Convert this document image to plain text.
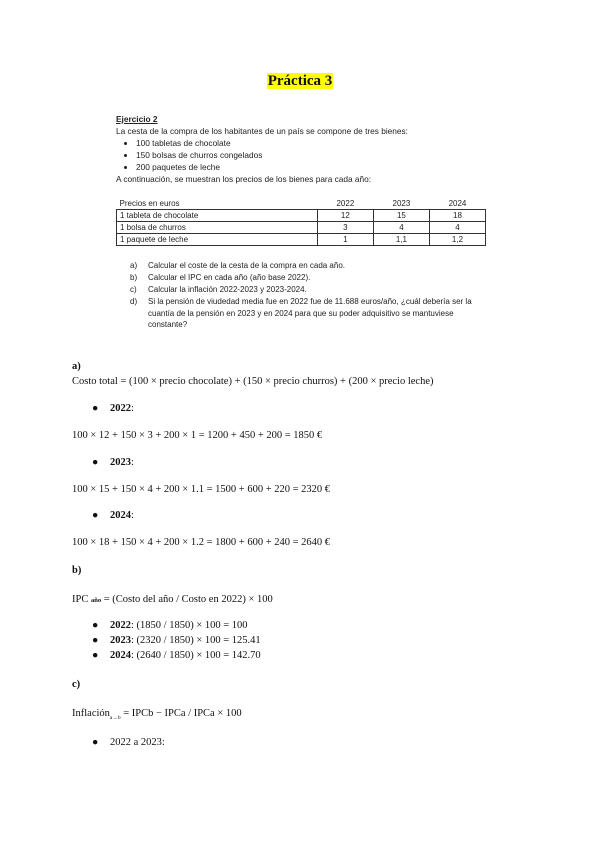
Práctica 3
Ejercicio 2
La cesta de la compra de los habitantes de un país se compone de tres bienes:
• 100 tabletas de chocolate
• 150 bolsas de churros congelados
• 200 paquetes de leche
A continuación, se muestran los precios de los bienes para cada año:
Precios en euros	2022	2023	2024
1 tableta de chocolate	12	15	18
1 bolsa de churros	3	4	4
1 paquete de leche	1	1,1	1,2
a)	Calcular el coste de la cesta de la compra en cada año.
b)	Calcular el IPC en cada año (año base 2022).
c)	Calcular la inflación 2022-2023 y 2023-2024.
d)	Si la pensión de viudedad media fue en 2022 fue de 11.688 euros/año, ¿cuál debería ser la cuantía de la pensión en 2023 y en 2024 para que su poder adquisitivo se mantuviese constante?
a)
Costo total = (100 × precio chocolate) + (150 × precio churros) + (200 × precio leche)
● 2022:
100 × 12 + 150 × 3 + 200 × 1 = 1200 + 450 + 200 = 1850 €
● 2023:
100 × 15 + 150 × 4 + 200 × 1.1 = 1500 + 600 + 220 = 2320 €
● 2024:
100 × 18 + 150 × 4 + 200 × 1.2 = 1800 + 600 + 240 = 2640 €
b)
IPC año = (Costo del año / Costo en 2022) × 100
● 2022: (1850 / 1850) × 100 = 100
● 2023: (2320 / 1850) × 100 = 125.41
● 2024: (2640 / 1850) × 100 = 142.70
c)
Inflación$_{a\to b}$ = IPCb − IPCa / IPCa × 100
● 2022 a 2023:
